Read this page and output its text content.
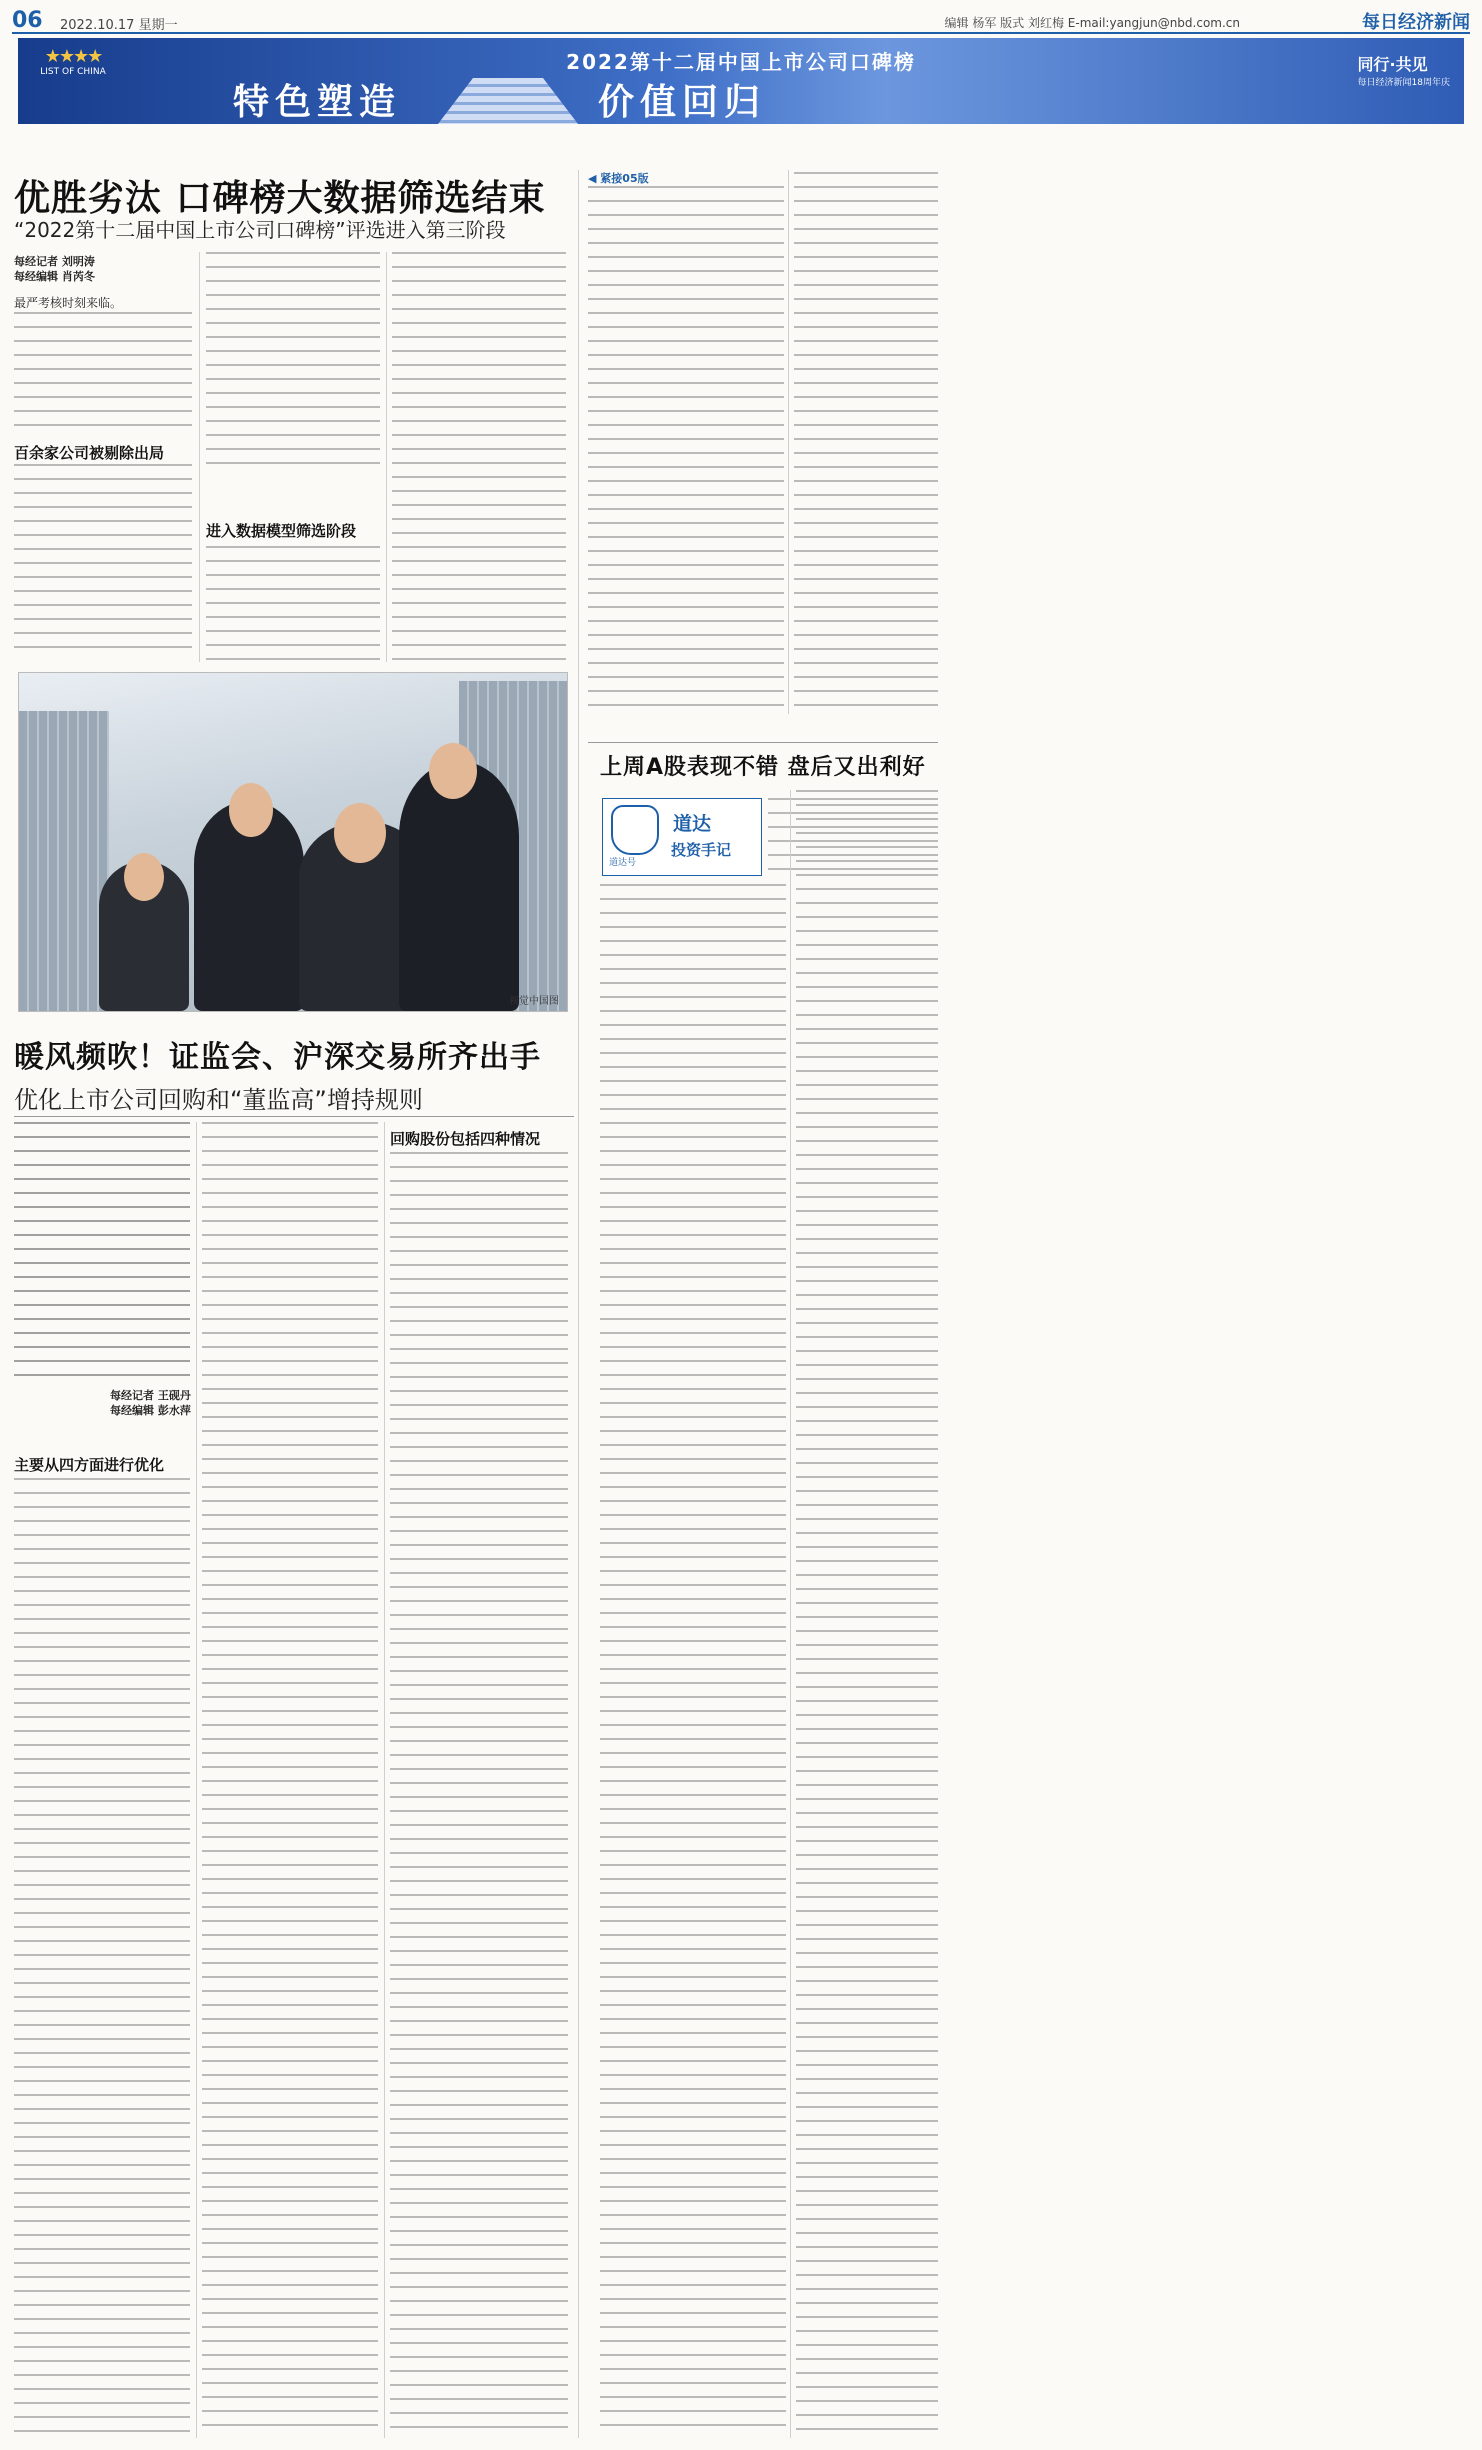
06 2022.10.17 星期一	编辑 杨军 版式 刘红梅 E-mail:yangjun@nbd.com.cn	每日经济新闻
★★★★
LIST OF CHINA	2022第十二届中国上市公司口碑榜
特色塑造	价值回归
同行·共见
每日经济新闻18周年庆
优胜劣汰 口碑榜大数据筛选结束
“2022第十二届中国上市公司口碑榜”评选进入第三阶段
每经记者 刘明涛
每经编辑 肖芮冬
最严考核时刻来临。
百余家公司被剔除出局
进入数据模型筛选阶段
视觉中国图
◀ 紧接05版
上周A股表现不错 盘后又出利好
道达
投资手记
道达号
暖风频吹！证监会、沪深交易所齐出手
优化上市公司回购和“董监高”增持规则
每经记者 王砚丹
每经编辑 彭水萍
主要从四方面进行优化
回购股份包括四种情况
